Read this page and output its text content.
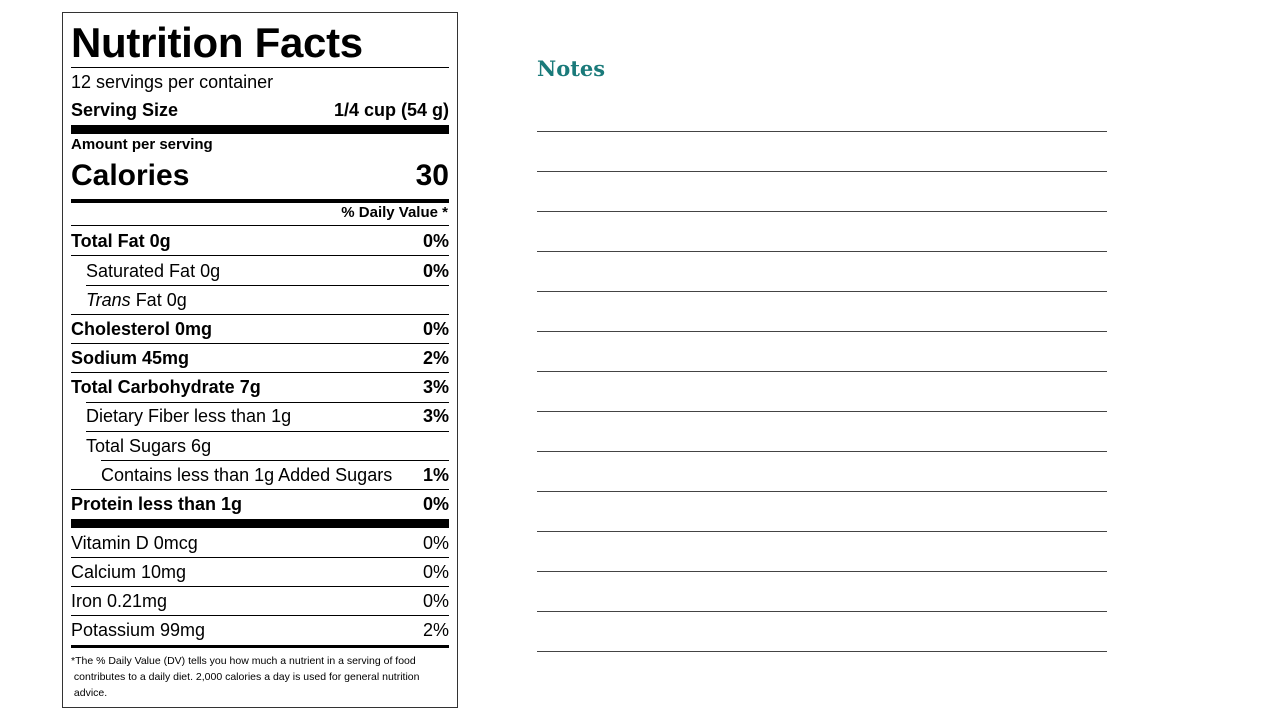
Nutrition Facts
12 servings per container
Serving Size	1/4 cup (54 g)
Amount per serving
Calories	30
% Daily Value *
Total Fat 0g	0%
Saturated Fat 0g	0%
Trans Fat 0g
Cholesterol 0mg	0%
Sodium 45mg	2%
Total Carbohydrate 7g	3%
Dietary Fiber less than 1g	3%
Total Sugars 6g
Contains less than 1g Added Sugars 1%
Protein less than 1g	0%
Vitamin D 0mcg	0%
Calcium 10mg	0%
Iron 0.21mg	0%
Potassium 99mg	2%
*The % Daily Value (DV) tells you how much a nutrient in a serving of food
contributes to a daily diet. 2,000 calories a day is used for general nutrition
advice.
Notes
